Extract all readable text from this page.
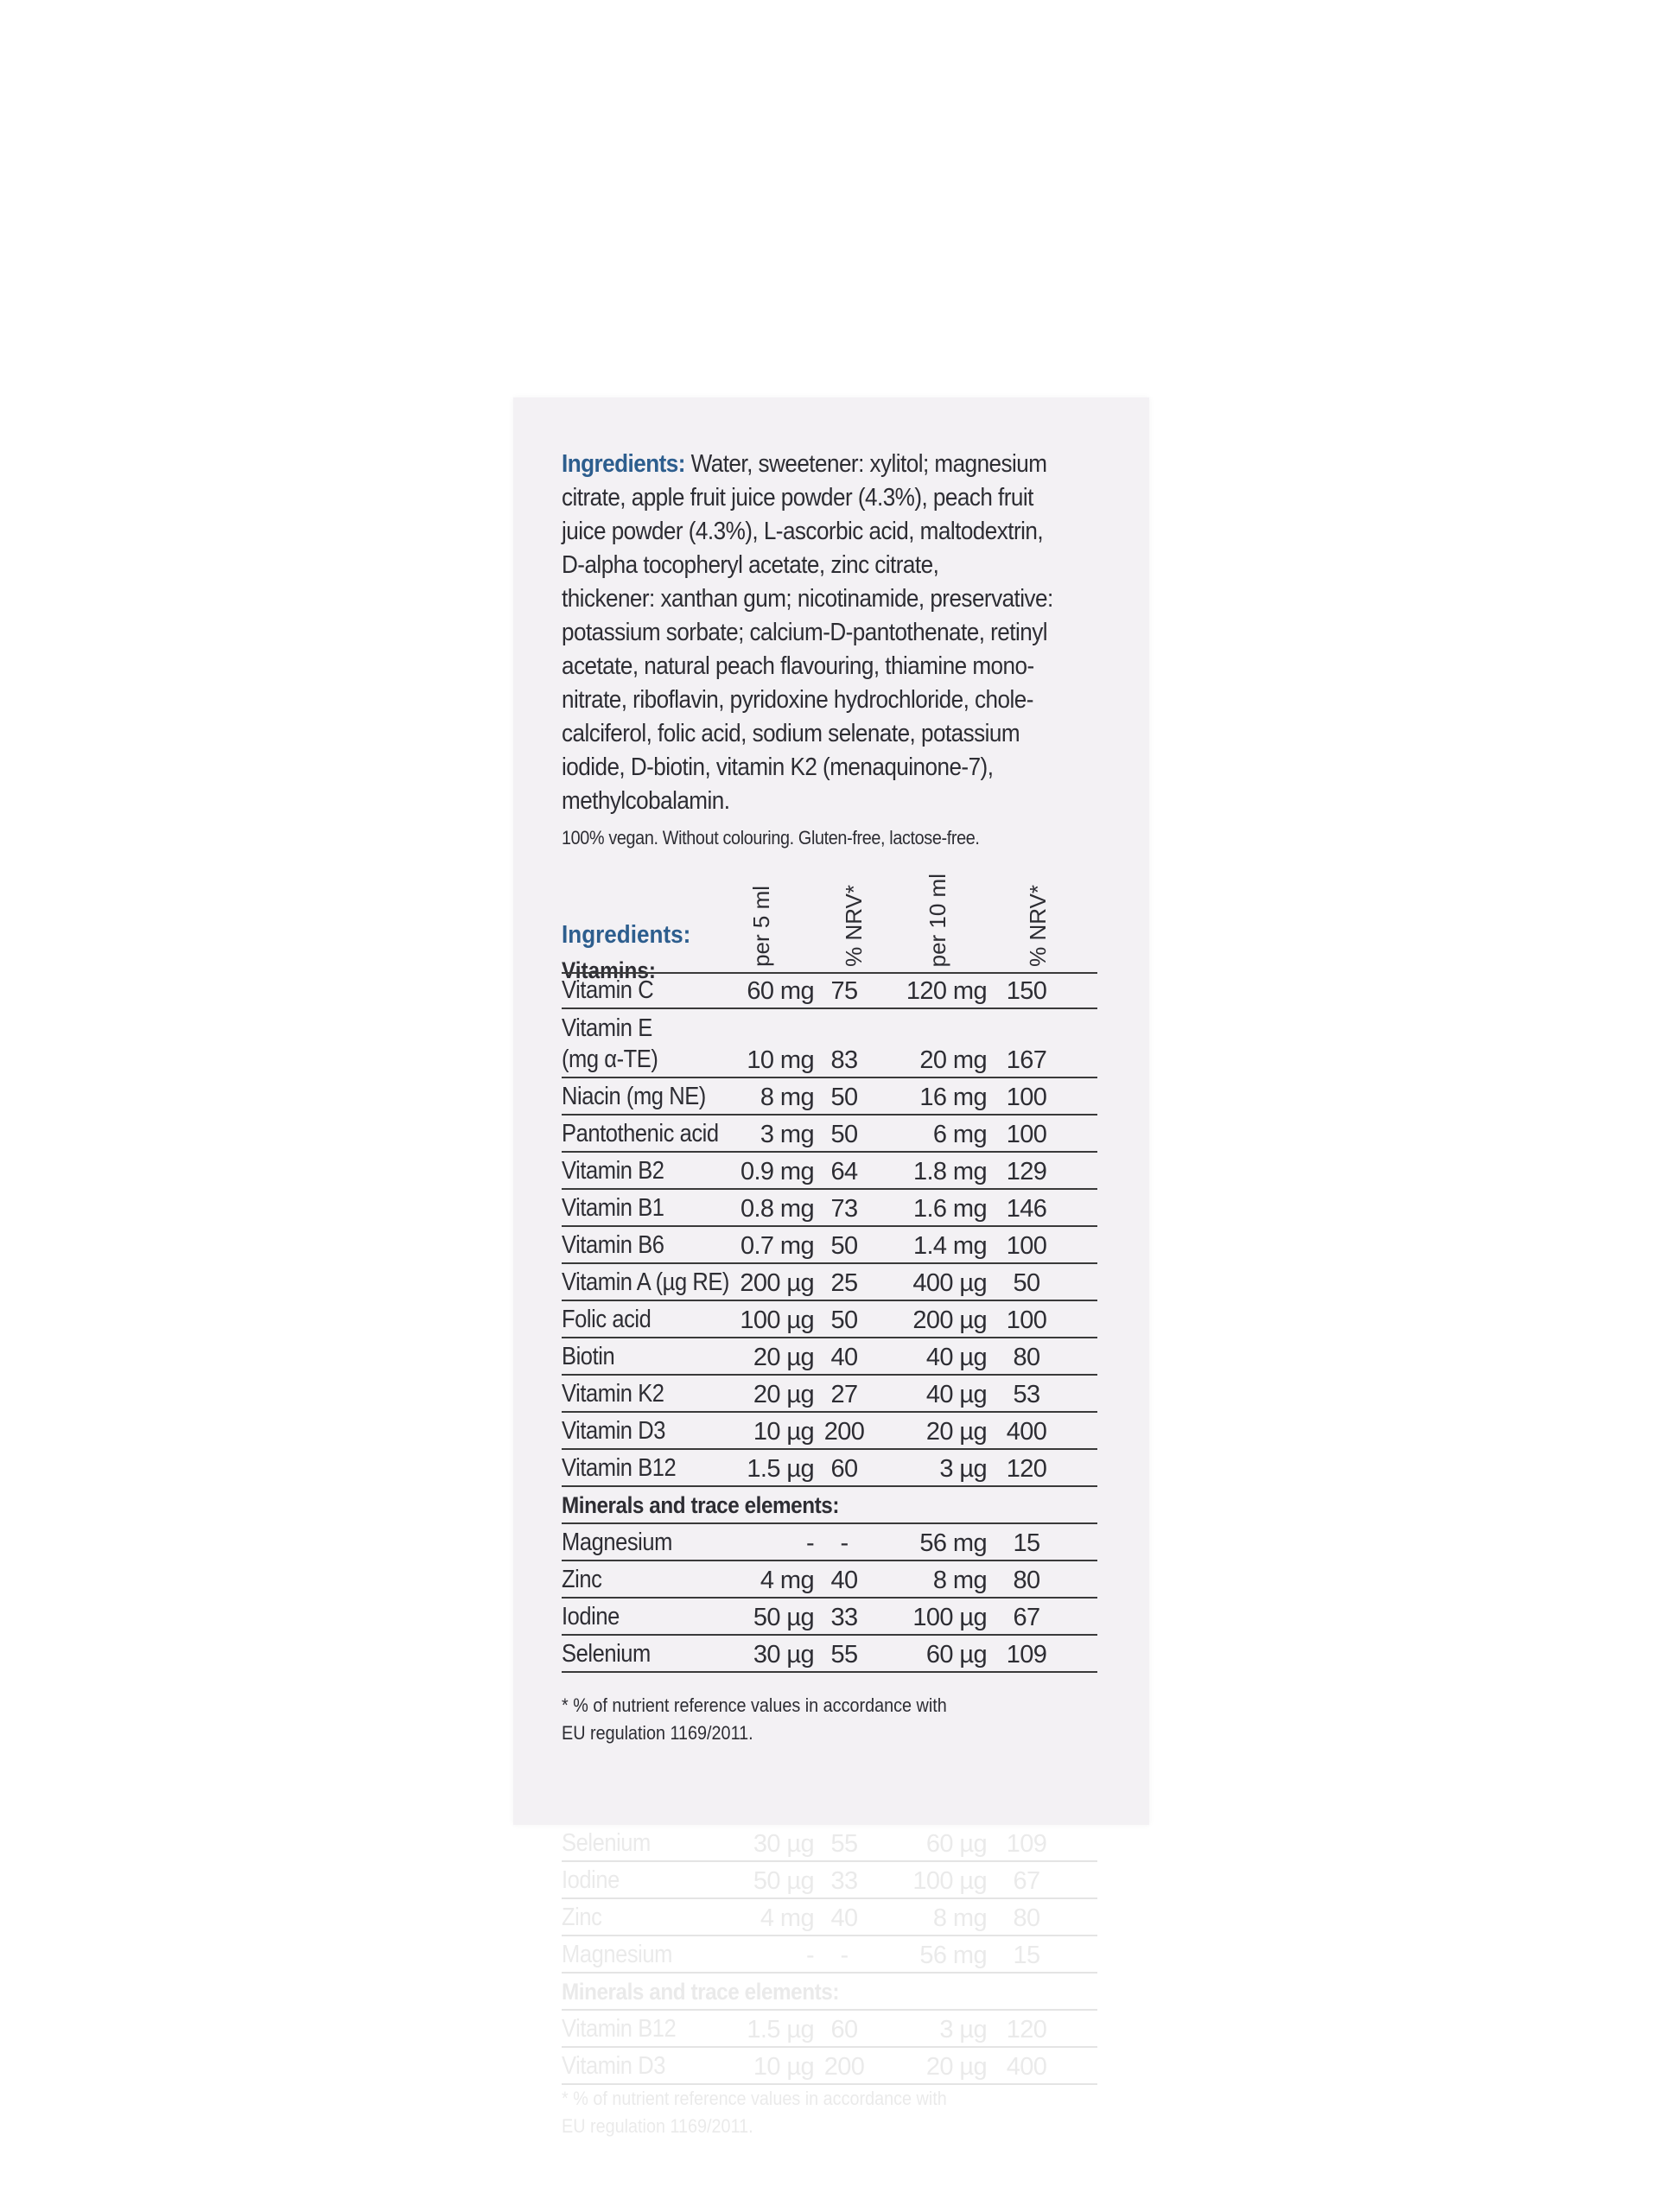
Ingredients: Water, sweetener: xylitol; magnesium
citrate, apple fruit juice powder (4.3%), peach fruit
juice powder (4.3%), L-ascorbic acid, maltodextrin,
D-alpha tocopheryl acetate, zinc citrate,
thickener: xanthan gum; nicotinamide, preservative:
potassium sorbate; calcium-D-pantothenate, retinyl
acetate, natural peach flavouring, thiamine mono-
nitrate, riboflavin, pyridoxine hydrochloride, chole-
calciferol, folic acid, sodium selenate, potassium
iodide, D-biotin, vitamin K2 (menaquinone-7),
methylcobalamin.

100% vegan. Without colouring. Gluten-free, lactose-free.

Ingredients:
Vitamins:
per 5 ml	% NRV*	per 10 ml	% NRV*
Vitamin C	60 mg 75	120 mg 150
Vitamin E
(mg α-TE)	10 mg 83	20 mg 167
Niacin (mg NE)	8 mg 50	16 mg 100
Pantothenic acid	3 mg 50	6 mg 100
Vitamin B2	0.9 mg 64	1.8 mg 129
Vitamin B1	0.8 mg 73	1.6 mg 146
Vitamin B6	0.7 mg 50	1.4 mg 100
Vitamin A (µg RE) 200 µg 25	400 µg	50
Folic acid	100 µg 50	200 µg 100
Biotin	20 µg 40	40 µg	80
Vitamin K2	20 µg 27	40 µg	53
Vitamin D3	10 µg 200	20 µg 400
Vitamin B12	1.5 µg 60	3 µg 120
Minerals and trace elements:
Magnesium	-	-	56 mg	15
Zinc	4 mg 40	8 mg	80
Iodine	50 µg 33	100 µg	67
Selenium	30 µg 55	60 µg 109
* % of nutrient reference values in accordance with
EU regulation 1169/2011.
* % of nutrient reference values in accordance with
EU regulation 1169/2011.
Selenium	30 µg 55	60 µg 109
Iodine	50 µg 33	100 µg	67
Zinc	4 mg 40	8 mg	80
Magnesium	-	-	56 mg	15
Minerals and trace elements:
Vitamin B12	1.5 µg 60	3 µg 120
Vitamin D3	10 µg 200	20 µg 400
